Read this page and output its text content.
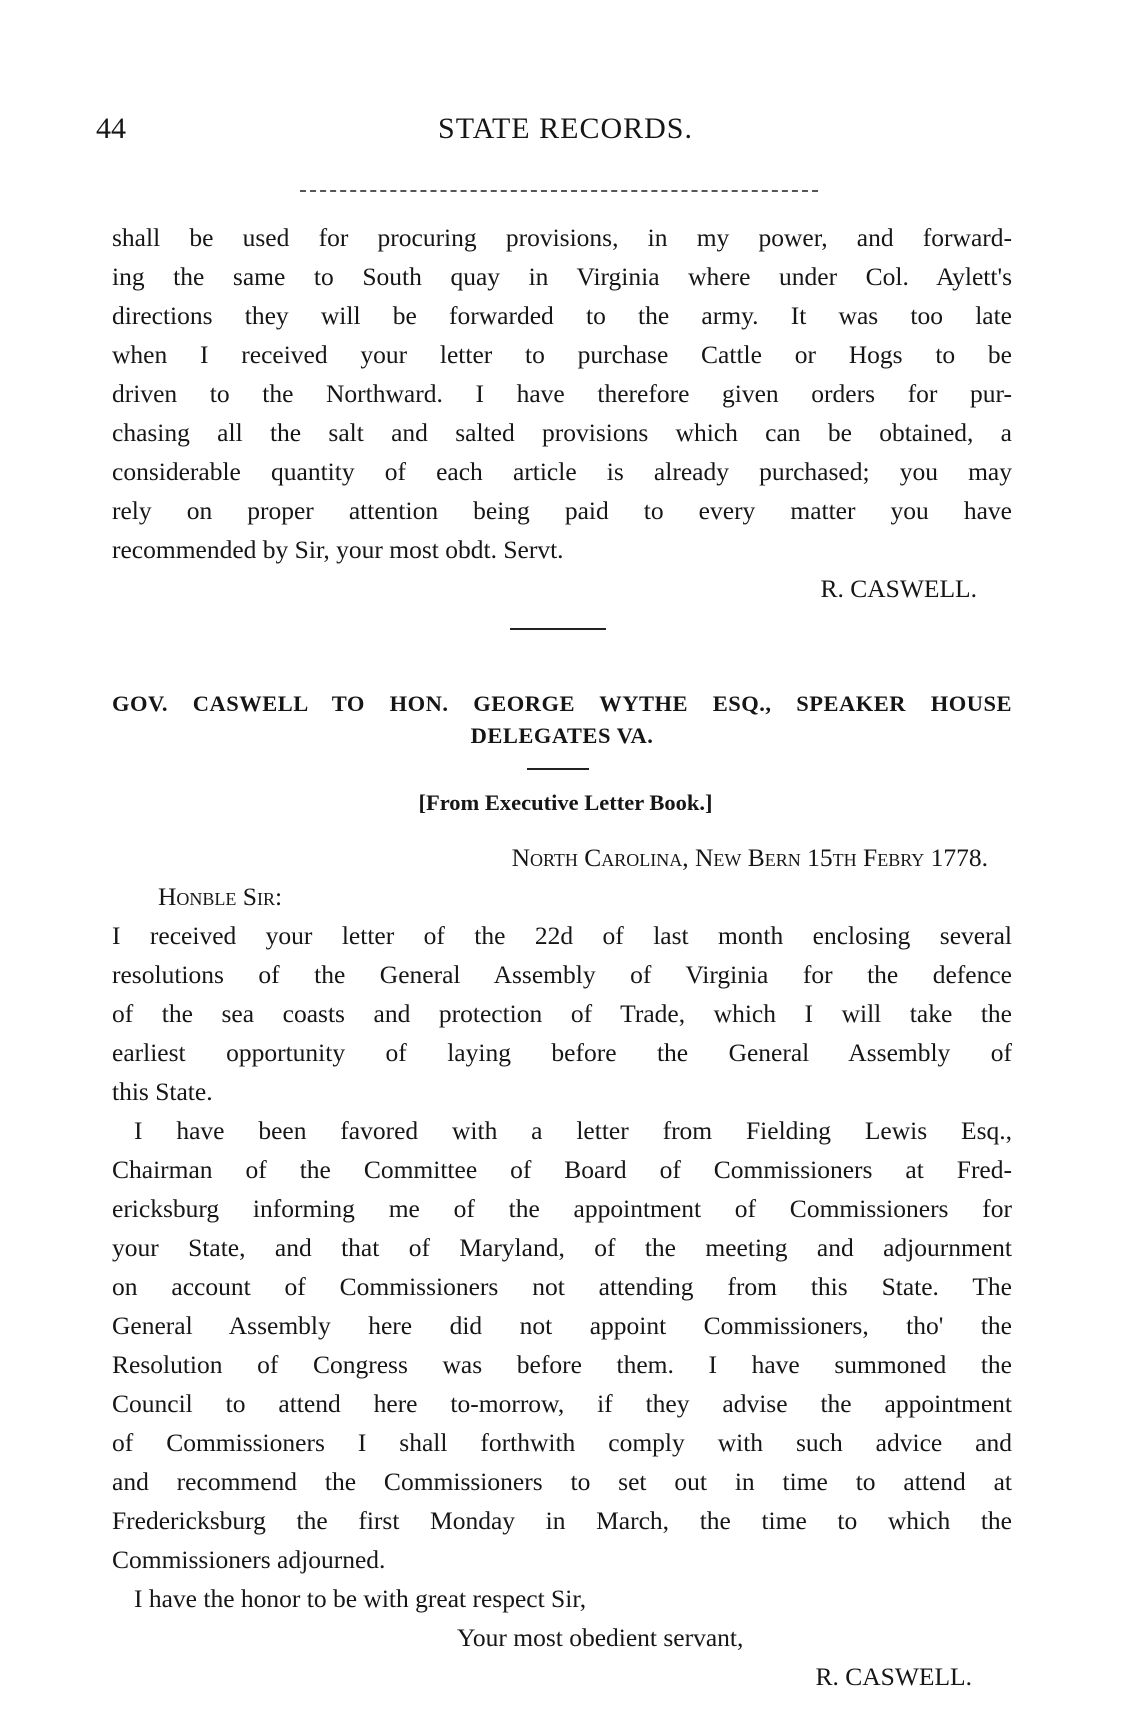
44	STATE RECORDS.
shall be used for procuring provisions, in my power, and forward-
ing the same to South quay in Virginia where under Col. Aylett's
directions they will be forwarded to the army. It was too late
when I received your letter to purchase Cattle or Hogs to be
driven to the Northward. I have therefore given orders for pur-
chasing all the salt and salted provisions which can be obtained, a
considerable quantity of each article is already purchased; you may
rely on proper attention being paid to every matter you have
recommended by Sir, your most obdt. Servt.
R. CASWELL.
GOV. CASWELL TO HON. GEORGE WYTHE ESQ., SPEAKER HOUSE
DELEGATES VA.
[From Executive Letter Book.]
North Carolina, New Bern 15th Febry 1778.
Honble Sir:
I received your letter of the 22d of last month enclosing several
resolutions of the General Assembly of Virginia for the defence
of the sea coasts and protection of Trade, which I will take the
earliest opportunity of laying before the General Assembly of
this State.
I have been favored with a letter from Fielding Lewis Esq.,
Chairman of the Committee of Board of Commissioners at Fred-
ericksburg informing me of the appointment of Commissioners for
your State, and that of Maryland, of the meeting and adjournment
on account of Commissioners not attending from this State. The
General Assembly here did not appoint Commissioners, tho' the
Resolution of Congress was before them. I have summoned the
Council to attend here to-morrow, if they advise the appointment
of Commissioners I shall forthwith comply with such advice and
and recommend the Commissioners to set out in time to attend at
Fredericksburg the first Monday in March, the time to which the
Commissioners adjourned.
I have the honor to be with great respect Sir,
Your most obedient servant,
R. CASWELL.
